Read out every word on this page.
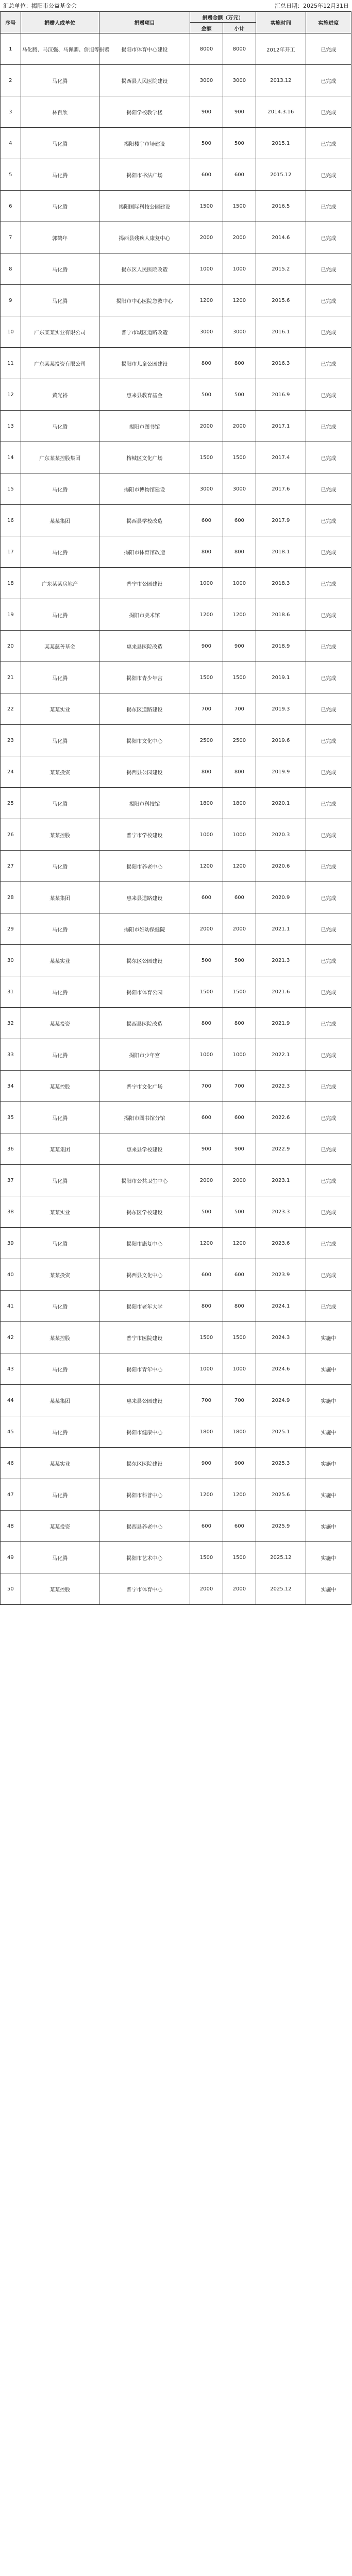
汇总单位：揭阳市公益基金会	汇总日期：2025年12月31日
序号	捐赠人或单位	捐赠项目	捐赠金额（万元）		实施时间	实施进度
			金额	小计		
1	马化腾、马汉强、马佩卿、詹旭等捐赠	揭阳市体育中心建设	8000	8000	2012年开工	已完成
2	马化腾	揭西县人民医院建设	3000	3000	2013.12	已完成
3	林百欣	揭阳学校教学楼	900	900	2014.3.16	已完成
4	马化腾	揭阳楼宇市场建设	500	500	2015.1	已完成
5	马化腾	揭阳市书法广场	600	600	2015.12	已完成
6	马化腾	揭阳国际科技公园建设	1500	1500	2016.5	已完成
7	郭鹤年	揭西县残疾人康复中心	2000	2000	2014.6	已完成
8	马化腾	揭东区人民医院改造	1000	1000	2015.2	已完成
9	马化腾	揭阳市中心医院急救中心	1200	1200	2015.6	已完成
10	广东某某实业有限公司	普宁市城区道路改造	3000	3000	2016.1	已完成
11	广东某某投资有限公司	揭阳市儿童公园建设	800	800	2016.3	已完成
12	黄光裕	惠来县教育基金	500	500	2016.9	已完成
13	马化腾	揭阳市图书馆	2000	2000	2017.1	已完成
14	广东某某控股集团	榕城区文化广场	1500	1500	2017.4	已完成
15	马化腾	揭阳市博物馆建设	3000	3000	2017.6	已完成
16	某某集团	揭西县学校改造	600	600	2017.9	已完成
17	马化腾	揭阳市体育馆改造	800	800	2018.1	已完成
18	广东某某房地产	普宁市公园建设	1000	1000	2018.3	已完成
19	马化腾	揭阳市美术馆	1200	1200	2018.6	已完成
20	某某慈善基金	惠来县医院改造	900	900	2018.9	已完成
21	马化腾	揭阳市青少年宫	1500	1500	2019.1	已完成
22	某某实业	揭东区道路建设	700	700	2019.3	已完成
23	马化腾	揭阳市文化中心	2500	2500	2019.6	已完成
24	某某投资	揭西县公园建设	800	800	2019.9	已完成
25	马化腾	揭阳市科技馆	1800	1800	2020.1	已完成
26	某某控股	普宁市学校建设	1000	1000	2020.3	已完成
27	马化腾	揭阳市养老中心	1200	1200	2020.6	已完成
28	某某集团	惠来县道路建设	600	600	2020.9	已完成
29	马化腾	揭阳市妇幼保健院	2000	2000	2021.1	已完成
30	某某实业	揭东区公园建设	500	500	2021.3	已完成
31	马化腾	揭阳市体育公园	1500	1500	2021.6	已完成
32	某某投资	揭西县医院改造	800	800	2021.9	已完成
33	马化腾	揭阳市少年宫	1000	1000	2022.1	已完成
34	某某控股	普宁市文化广场	700	700	2022.3	已完成
35	马化腾	揭阳市图书馆分馆	600	600	2022.6	已完成
36	某某集团	惠来县学校建设	900	900	2022.9	已完成
37	马化腾	揭阳市公共卫生中心	2000	2000	2023.1	已完成
38	某某实业	揭东区学校建设	500	500	2023.3	已完成
39	马化腾	揭阳市康复中心	1200	1200	2023.6	已完成
40	某某投资	揭西县文化中心	600	600	2023.9	已完成
41	马化腾	揭阳市老年大学	800	800	2024.1	已完成
42	某某控股	普宁市医院建设	1500	1500	2024.3	实施中
43	马化腾	揭阳市青年中心	1000	1000	2024.6	实施中
44	某某集团	惠来县公园建设	700	700	2024.9	实施中
45	马化腾	揭阳市健康中心	1800	1800	2025.1	实施中
46	某某实业	揭东区医院建设	900	900	2025.3	实施中
47	马化腾	揭阳市科普中心	1200	1200	2025.6	实施中
48	某某投资	揭西县养老中心	600	600	2025.9	实施中
49	马化腾	揭阳市艺术中心	1500	1500	2025.12	实施中
50	某某控股	普宁市体育中心	2000	2000	2025.12	实施中
